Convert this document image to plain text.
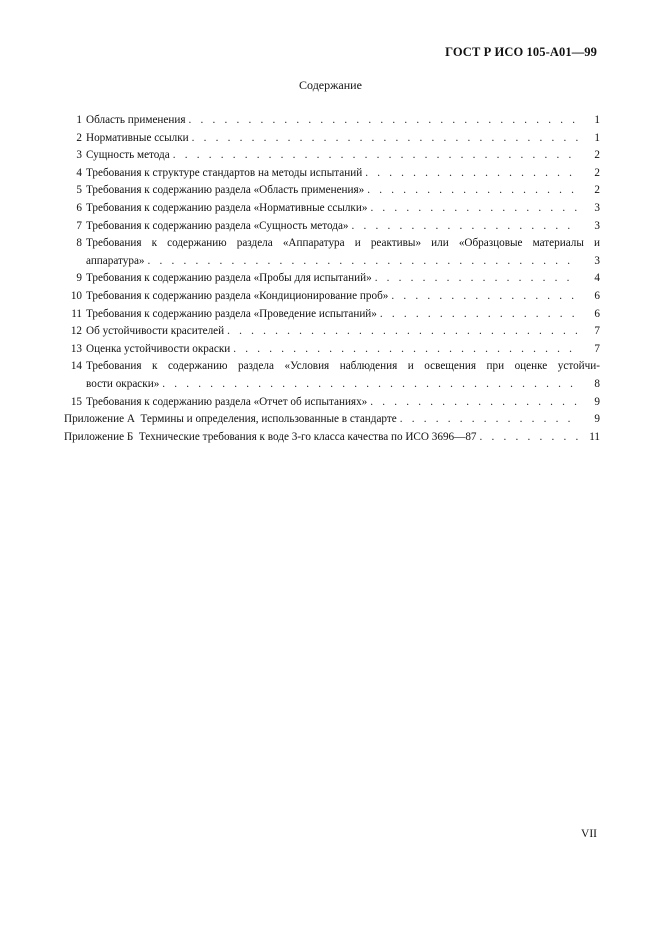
ГОСТ Р ИСО 105-А01—99
Содержание
1 Область применения . . .	1
2 Нормативные ссылки . . .	1
3 Сущность метода . . .	2
4 Требования к структуре стандартов на методы испытаний . . .	2
5 Требования к содержанию раздела «Область применения» . . .	2
6 Требования к содержанию раздела «Нормативные ссылки» . . .	3
7 Требования к содержанию раздела «Сущность метода» . . .	3
8 Требования к содержанию раздела «Аппаратура и реактивы» или «Образцовые материалы и
аппаратура» . . .	3
9 Требования к содержанию раздела «Пробы для испытаний» . . .	4
10 Требования к содержанию раздела «Кондиционирование проб» . . .	6
11 Требования к содержанию раздела «Проведение испытаний» . . .	6
12 Об устойчивости красителей . . .	7
13 Оценка устойчивости окраски . . .	7
14 Требования к содержанию раздела «Условия наблюдения и освещения при оценке устойчи-
вости окраски» . . .	8
15 Требования к содержанию раздела «Отчет об испытаниях» . . .	9
Приложение А  Термины и определения, использованные в стандарте . . .	9
Приложение Б  Технические требования к воде 3-го класса качества по ИСО 3696—87 . . .	11
VII
